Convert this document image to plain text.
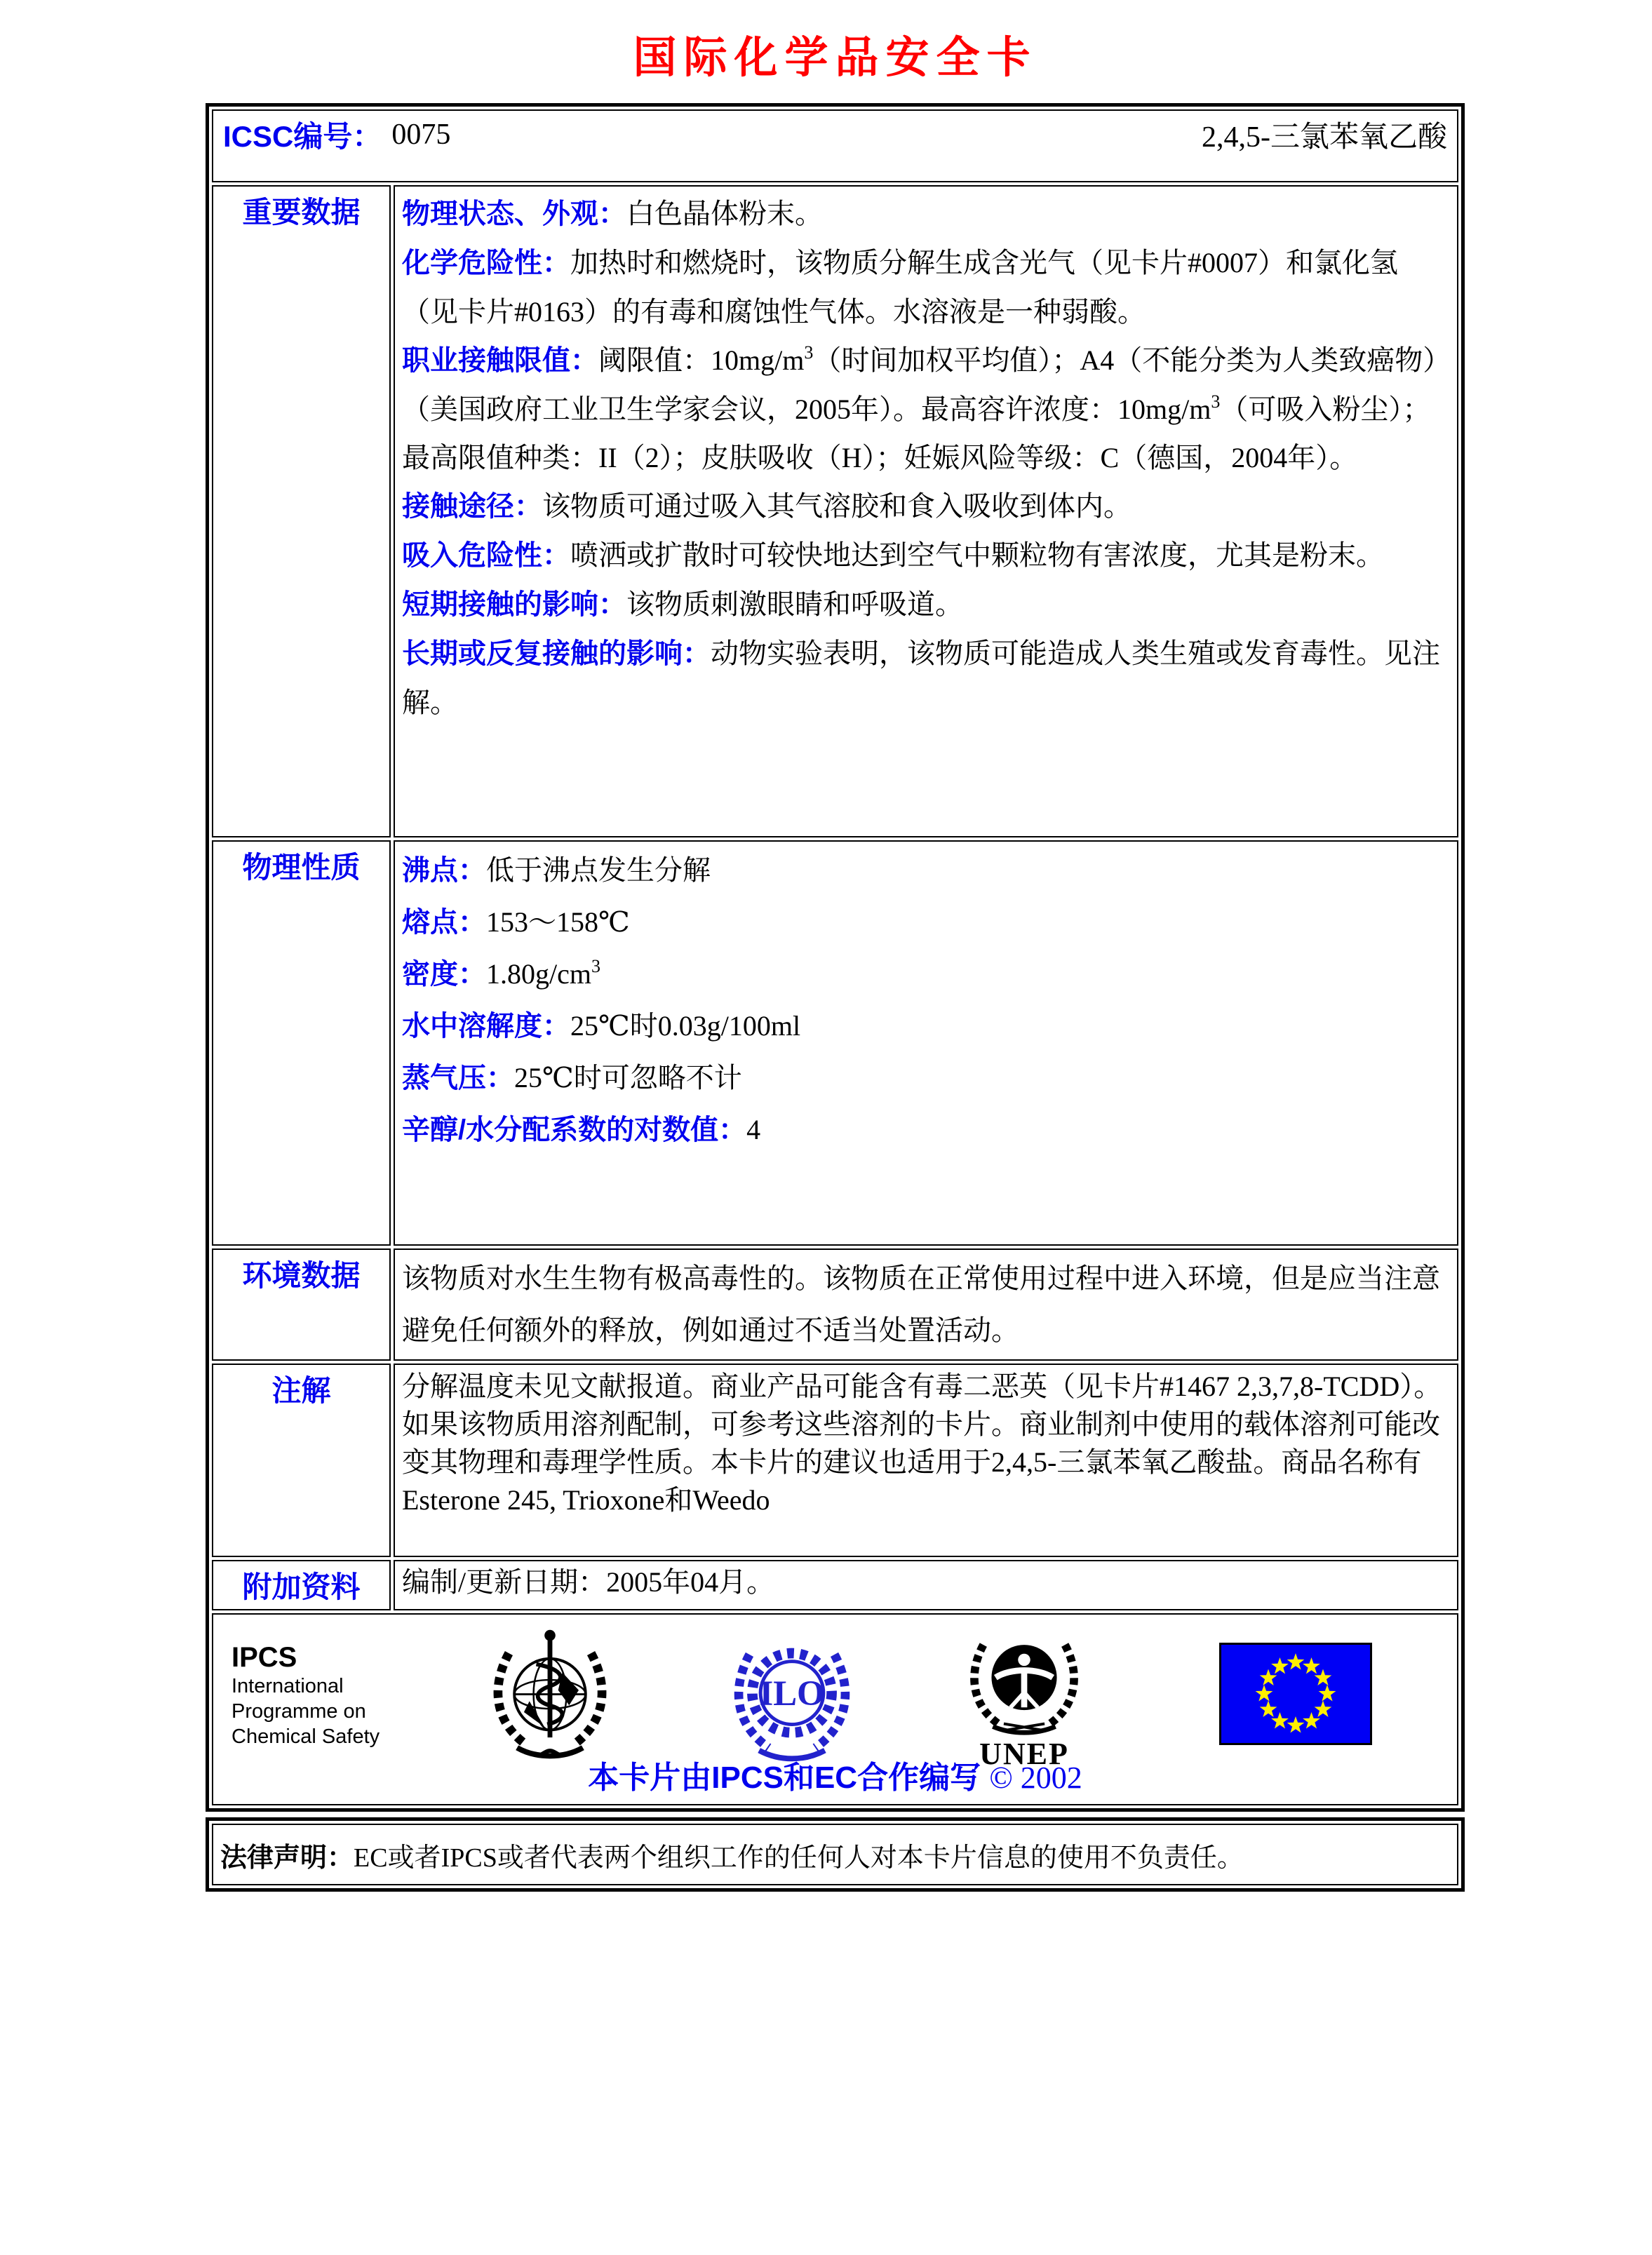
国际化学品安全卡
ICSC编号： 0075 2,4,5-三氯苯氧乙酸	

重要数据	物理状态、外观：白色晶体粉末。

化学危险性：加热时和燃烧时，该物质分解生成含光气（见卡片#0007）和氯化氢（见卡片#0163）的有毒和腐蚀性气体。水溶液是一种弱酸。

职业接触限值：阈限值：$10mg/m^3$（时间加权平均值）；A4（不能分类为人类致癌物）（美国政府工业卫生学家会议，2005年）。最高容许浓度：$10mg/m^3$（可吸入粉尘）；最高限值种类：II（2）；皮肤吸收（H）；妊娠风险等级：C（德国，2004年）。

接触途径：该物质可通过吸入其气溶胶和食入吸收到体内。

吸入危险性：喷洒或扩散时可较快地达到空气中颗粒物有害浓度，尤其是粉末。

短期接触的影响：该物质刺激眼睛和呼吸道。

长期或反复接触的影响：动物实验表明，该物质可能造成人类生殖或发育毒性。见注解。

物理性质	沸点：低于沸点发生分解

熔点：153～158℃

密度：$1.80g/cm^3$

水中溶解度：25℃时0.03g/100ml

蒸气压：25℃时可忽略不计

辛醇/水分配系数的对数值：4

环境数据	该物质对水生生物有极高毒性的。该物质在正常使用过程中进入环境，但是应当注意避免任何额外的释放，例如通过不适当处置活动。

注解	分解温度未见文献报道。商业产品可能含有毒二恶英（见卡片#1467 2,3,7,8-TCDD）。如果该物质用溶剂配制，可参考这些溶剂的卡片。商业制剂中使用的载体溶剂可能改变其物理和毒理学性质。本卡片的建议也适用于2,4,5-三氯苯氧乙酸盐。商品名称有Esterone 245, Trioxone和Weedo

附加资料	编制/更新日期：2005年04月。

IPCS
International
Programme on
Chemical Safety
ILO
UNEP
本卡片由IPCS和EC合作编写 © 2002
法律声明：EC或者IPCS或者代表两个组织工作的任何人对本卡片信息的使用不负责任。
